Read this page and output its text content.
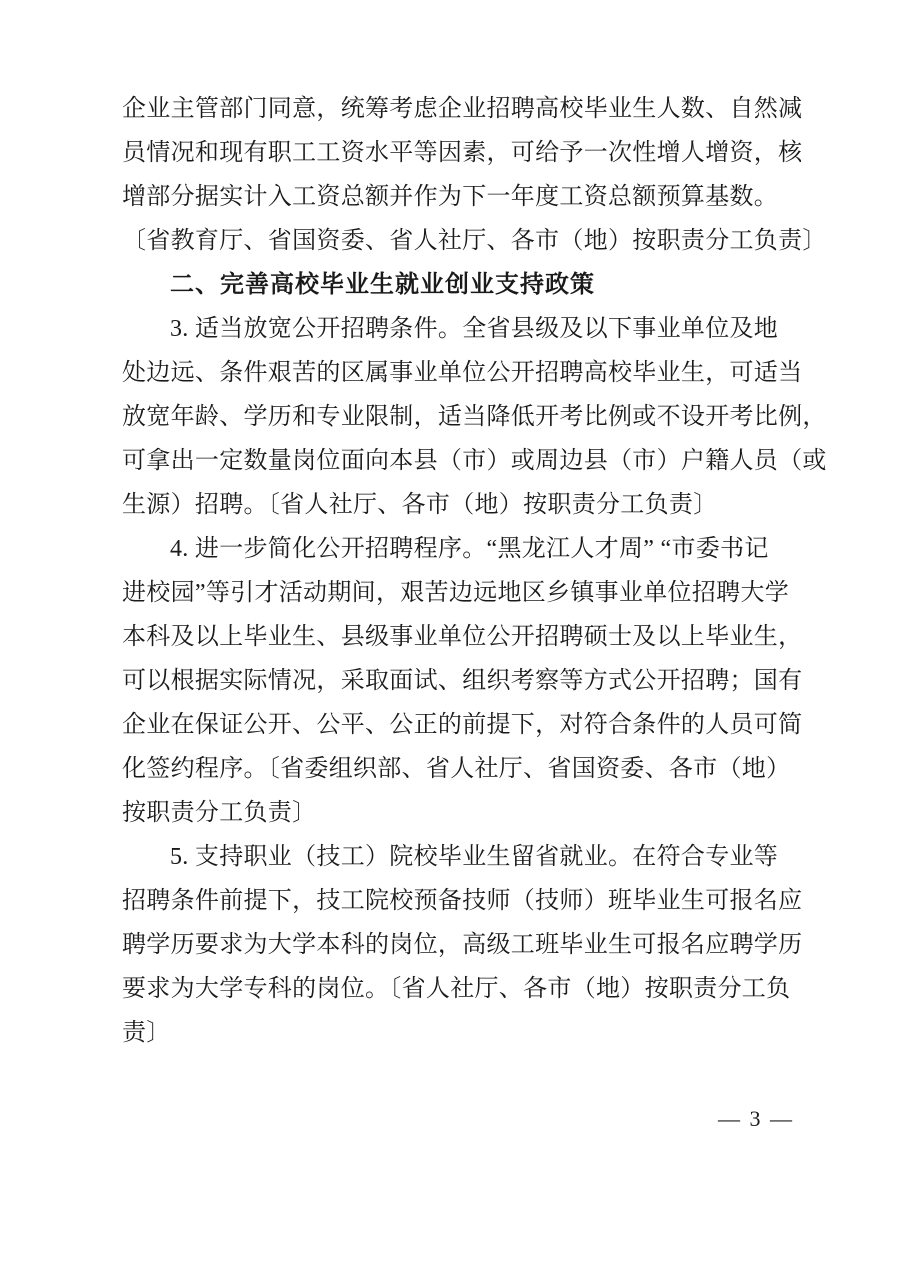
企业主管部门同意，统筹考虑企业招聘高校毕业生人数、自然减
员情况和现有职工工资水平等因素，可给予一次性增人增资，核
增部分据实计入工资总额并作为下一年度工资总额预算基数。
〔省教育厅、省国资委、省人社厅、各市（地）按职责分工负责〕
二、完善高校毕业生就业创业支持政策
3. 适当放宽公开招聘条件。全省县级及以下事业单位及地
处边远、条件艰苦的区属事业单位公开招聘高校毕业生，可适当
放宽年龄、学历和专业限制，适当降低开考比例或不设开考比例，
可拿出一定数量岗位面向本县（市）或周边县（市）户籍人员（或
生源）招聘。〔省人社厅、各市（地）按职责分工负责〕
4. 进一步简化公开招聘程序。“黑龙江人才周” “市委书记
进校园”等引才活动期间，艰苦边远地区乡镇事业单位招聘大学
本科及以上毕业生、县级事业单位公开招聘硕士及以上毕业生，
可以根据实际情况，采取面试、组织考察等方式公开招聘；国有
企业在保证公开、公平、公正的前提下，对符合条件的人员可简
化签约程序。〔省委组织部、省人社厅、省国资委、各市（地）
按职责分工负责〕
5. 支持职业（技工）院校毕业生留省就业。在符合专业等
招聘条件前提下，技工院校预备技师（技师）班毕业生可报名应
聘学历要求为大学本科的岗位，高级工班毕业生可报名应聘学历
要求为大学专科的岗位。〔省人社厅、各市（地）按职责分工负
责〕
— 3 —
